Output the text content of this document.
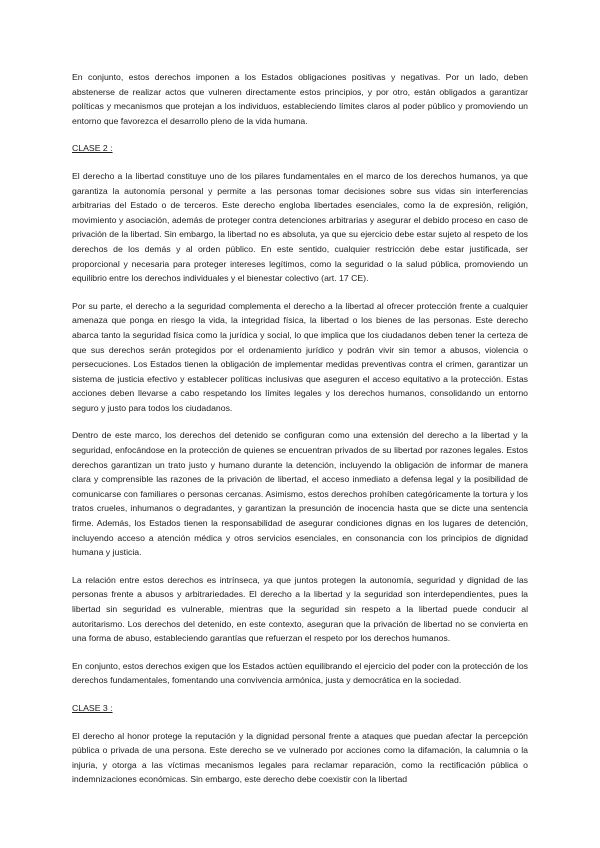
En conjunto, estos derechos imponen a los Estados obligaciones positivas y negativas. Por un lado, deben abstenerse de realizar actos que vulneren directamente estos principios, y por otro, están obligados a garantizar políticas y mecanismos que protejan a los individuos, estableciendo límites claros al poder público y promoviendo un entorno que favorezca el desarrollo pleno de la vida humana.

CLASE 2 :

El derecho a la libertad constituye uno de los pilares fundamentales en el marco de los derechos humanos, ya que garantiza la autonomía personal y permite a las personas tomar decisiones sobre sus vidas sin interferencias arbitrarias del Estado o de terceros. Este derecho engloba libertades esenciales, como la de expresión, religión, movimiento y asociación, además de proteger contra detenciones arbitrarias y asegurar el debido proceso en caso de privación de la libertad. Sin embargo, la libertad no es absoluta, ya que su ejercicio debe estar sujeto al respeto de los derechos de los demás y al orden público. En este sentido, cualquier restricción debe estar justificada, ser proporcional y necesaria para proteger intereses legítimos, como la seguridad o la salud pública, promoviendo un equilibrio entre los derechos individuales y el bienestar colectivo (art. 17 CE).

Por su parte, el derecho a la seguridad complementa el derecho a la libertad al ofrecer protección frente a cualquier amenaza que ponga en riesgo la vida, la integridad física, la libertad o los bienes de las personas. Este derecho abarca tanto la seguridad física como la jurídica y social, lo que implica que los ciudadanos deben tener la certeza de que sus derechos serán protegidos por el ordenamiento jurídico y podrán vivir sin temor a abusos, violencia o persecuciones. Los Estados tienen la obligación de implementar medidas preventivas contra el crimen, garantizar un sistema de justicia efectivo y establecer políticas inclusivas que aseguren el acceso equitativo a la protección. Estas acciones deben llevarse a cabo respetando los límites legales y los derechos humanos, consolidando un entorno seguro y justo para todos los ciudadanos.

Dentro de este marco, los derechos del detenido se configuran como una extensión del derecho a la libertad y la seguridad, enfocándose en la protección de quienes se encuentran privados de su libertad por razones legales. Estos derechos garantizan un trato justo y humano durante la detención, incluyendo la obligación de informar de manera clara y comprensible las razones de la privación de libertad, el acceso inmediato a defensa legal y la posibilidad de comunicarse con familiares o personas cercanas. Asimismo, estos derechos prohíben categóricamente la tortura y los tratos crueles, inhumanos o degradantes, y garantizan la presunción de inocencia hasta que se dicte una sentencia firme. Además, los Estados tienen la responsabilidad de asegurar condiciones dignas en los lugares de detención, incluyendo acceso a atención médica y otros servicios esenciales, en consonancia con los principios de dignidad humana y justicia.

La relación entre estos derechos es intrínseca, ya que juntos protegen la autonomía, seguridad y dignidad de las personas frente a abusos y arbitrariedades. El derecho a la libertad y la seguridad son interdependientes, pues la libertad sin seguridad es vulnerable, mientras que la seguridad sin respeto a la libertad puede conducir al autoritarismo. Los derechos del detenido, en este contexto, aseguran que la privación de libertad no se convierta en una forma de abuso, estableciendo garantías que refuerzan el respeto por los derechos humanos.

En conjunto, estos derechos exigen que los Estados actúen equilibrando el ejercicio del poder con la protección de los derechos fundamentales, fomentando una convivencia armónica, justa y democrática en la sociedad.

CLASE 3 :

El derecho al honor protege la reputación y la dignidad personal frente a ataques que puedan afectar la percepción pública o privada de una persona. Este derecho se ve vulnerado por acciones como la difamación, la calumnia o la injuria, y otorga a las víctimas mecanismos legales para reclamar reparación, como la rectificación pública o indemnizaciones económicas. Sin embargo, este derecho debe coexistir con la libertad
